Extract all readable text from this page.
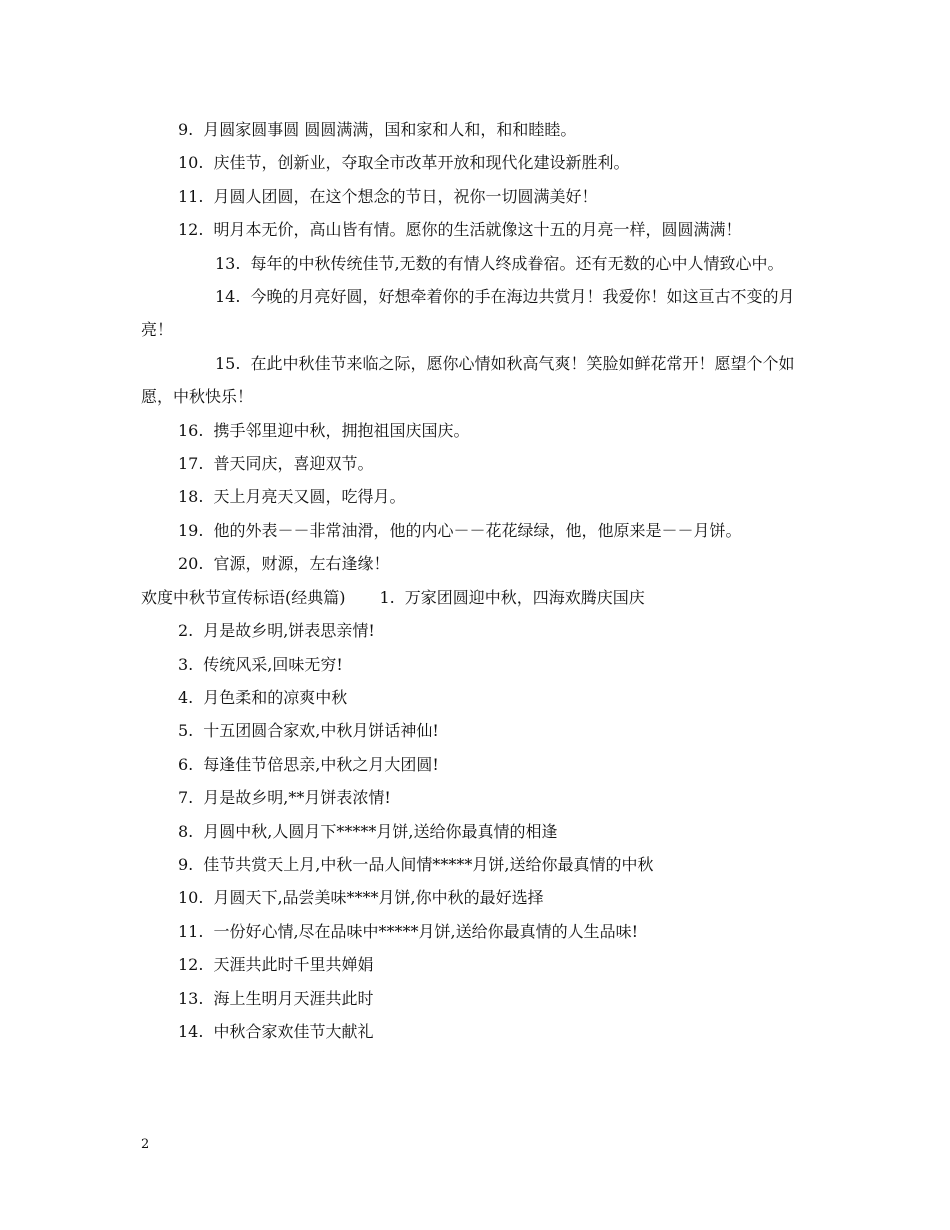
9. 月圆家圆事圆 圆圆满满，国和家和人和，和和睦睦。

10. 庆佳节，创新业，夺取全市改革开放和现代化建设新胜利。

11. 月圆人团圆，在这个想念的节日，祝你一切圆满美好！

12. 明月本无价，高山皆有情。愿你的生活就像这十五的月亮一样，圆圆满满！

13. 每年的中秋传统佳节,无数的有情人终成眷宿。还有无数的心中人情致心中。

14. 今晚的月亮好圆，好想牵着你的手在海边共赏月！我爱你！如这亘古不变的月亮！

15. 在此中秋佳节来临之际，愿你心情如秋高气爽！笑脸如鲜花常开！愿望个个如愿，中秋快乐！

16. 携手邻里迎中秋，拥抱祖国庆国庆。

17. 普天同庆，喜迎双节。

18. 天上月亮天又圆，吃得月。

19. 他的外表－－非常油滑，他的内心－－花花绿绿，他，他原来是－－月饼。

20. 官源，财源，左右逢缘！

欢度中秋节宣传标语(经典篇) 1. 万家团圆迎中秋，四海欢腾庆国庆

2. 月是故乡明,饼表思亲情!

3. 传统风采,回味无穷!

4. 月色柔和的凉爽中秋

5. 十五团圆合家欢,中秋月饼话神仙!

6. 每逢佳节倍思亲,中秋之月大团圆!

7. 月是故乡明,**月饼表浓情!

8. 月圆中秋,人圆月下*****月饼,送给你最真情的相逢

9. 佳节共赏天上月,中秋一品人间情*****月饼,送给你最真情的中秋

10. 月圆天下,品尝美味****月饼,你中秋的最好选择

11. 一份好心情,尽在品味中*****月饼,送给你最真情的人生品味!

12. 天涯共此时千里共婵娟

13. 海上生明月天涯共此时

14. 中秋合家欢佳节大献礼

2
